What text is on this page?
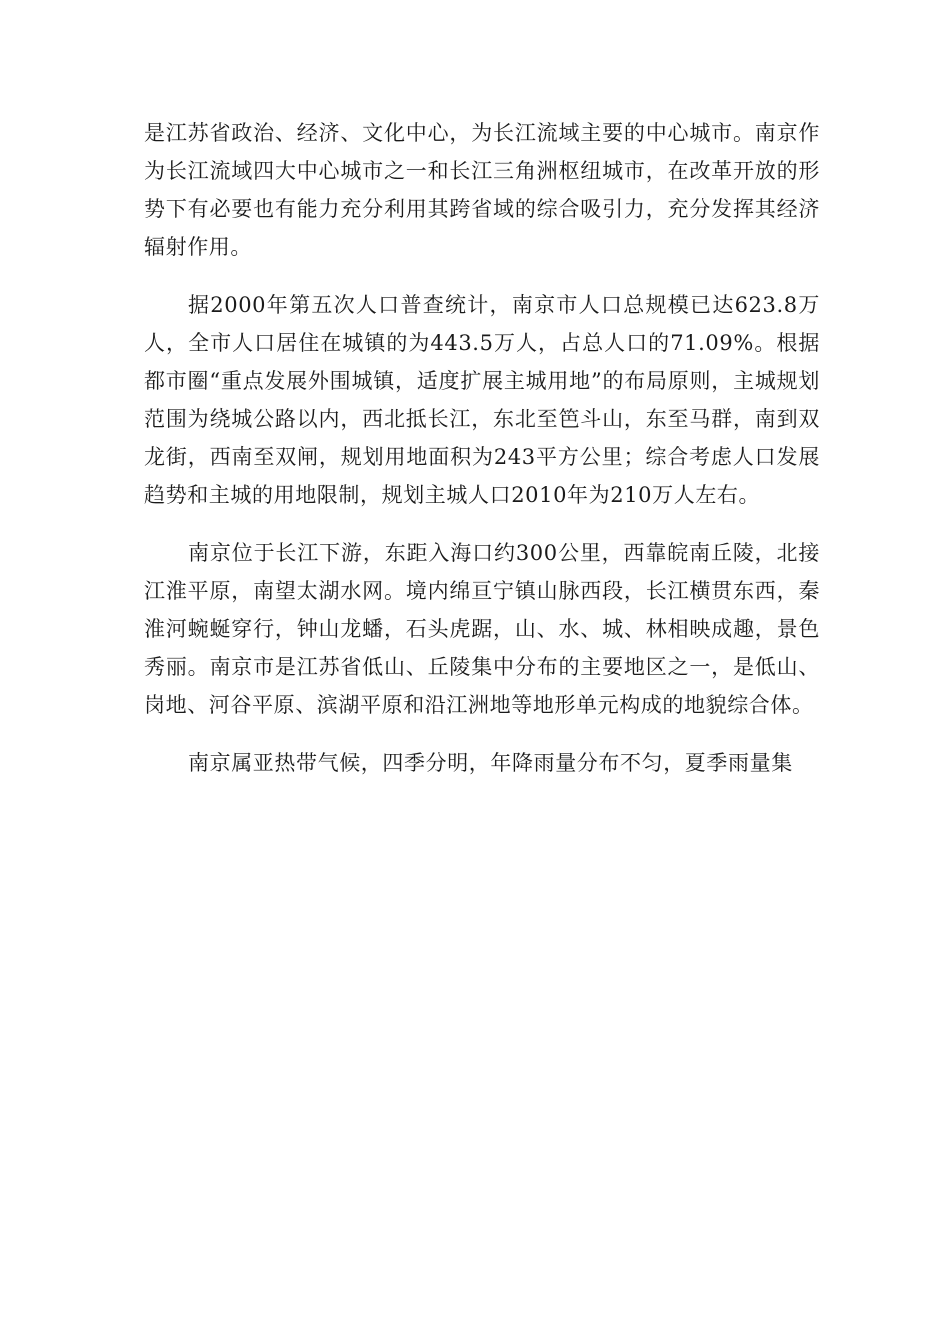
是江苏省政治、经济、文化中心，为长江流域主要的中心城市。南京作为长江流域四大中心城市之一和长江三角洲枢纽城市，在改革开放的形势下有必要也有能力充分利用其跨省域的综合吸引力，充分发挥其经济辐射作用。

据2000年第五次人口普查统计，南京市人口总规模已达623.8万人，全市人口居住在城镇的为443.5万人，占总人口的71.09%。根据都市圈“重点发展外围城镇，适度扩展主城用地”的布局原则，主城规划范围为绕城公路以内，西北抵长江，东北至笆斗山，东至马群，南到双龙街，西南至双闸，规划用地面积为243平方公里；综合考虑人口发展趋势和主城的用地限制，规划主城人口2010年为210万人左右。

南京位于长江下游，东距入海口约300公里，西靠皖南丘陵，北接江淮平原，南望太湖水网。境内绵亘宁镇山脉西段，长江横贯东西，秦淮河蜿蜒穿行，钟山龙蟠，石头虎踞，山、水、城、林相映成趣，景色秀丽。南京市是江苏省低山、丘陵集中分布的主要地区之一，是低山、岗地、河谷平原、滨湖平原和沿江洲地等地形单元构成的地貌综合体。

南京属亚热带气候，四季分明，年降雨量分布不匀，夏季雨量集
